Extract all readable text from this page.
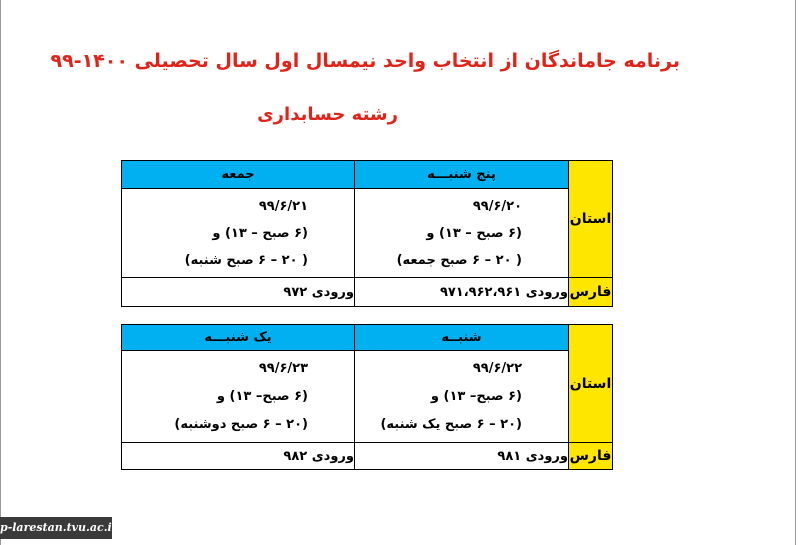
برنامه جاماندگان از انتخاب واحد نیمسال اول سال تحصیلی ۱۴۰۰-۹۹
رشته حسابداری
استان	پنج شنبـــه	جمعه

	۹۹/۶/۲۰
(۶ صبح – ۱۳) و
( ۲۰ – ۶ صبح جمعه)	۹۹/۶/۲۱
(۶ صبح – ۱۳) و
( ۲۰ – ۶ صبح شنبه)

فارس	ورودی ۹۷۱،۹۶۲،۹۶۱	ورودی ۹۷۲
استان	شنبــه	یک شنبـــه

	۹۹/۶/۲۲
(۶ صبح– ۱۳) و
(۲۰ – ۶ صبح یک شنبه)	۹۹/۶/۲۳
(۶ صبح– ۱۳) و
(۲۰ – ۶ صبح دوشنبه)

فارس	ورودی ۹۸۱	ورودی ۹۸۲
p-larestan.tvu.ac.ir
